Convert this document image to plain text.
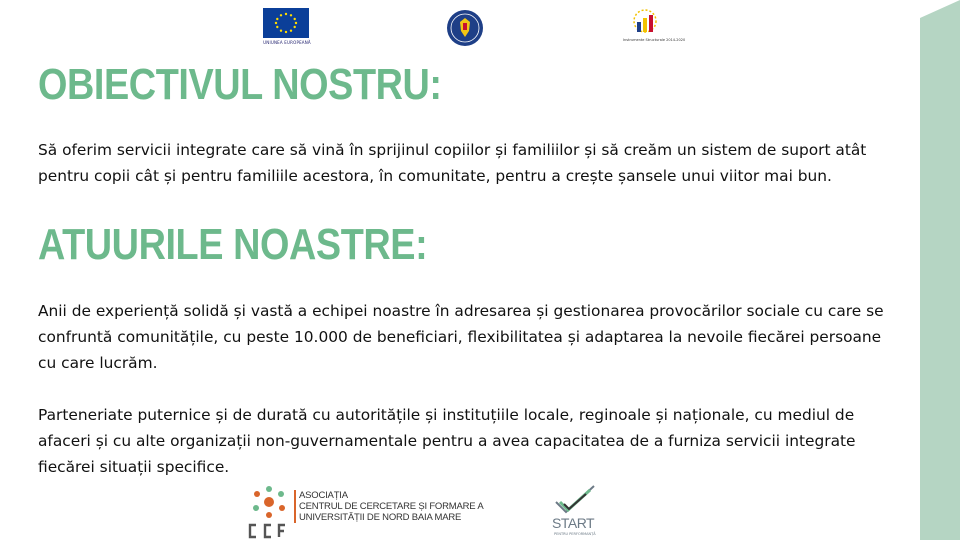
UNIUNEA EUROPEANĂ	Instrumente Structurale 2014-2020
OBIECTIVUL NOSTRU:

Să oferim servicii integrate care să vină în sprijinul copiilor și familiilor și să creăm un sistem de suport atât pentru copii cât și pentru familiile acestora, în comunitate, pentru a crește șansele unui viitor mai bun.

ATUURILE NOASTRE:

Anii de experiență solidă și vastă a echipei noastre în adresarea și gestionarea provocărilor sociale cu care se confruntă comunitățile, cu peste 10.000 de beneficiari, flexibilitatea și adaptarea la nevoile fiecărei persoane cu care lucrăm.

Parteneriate puternice și de durată cu autoritățile și instituțiile locale, reginoale și naționale, cu mediul de afaceri și cu alte organizații non-guvernamentale pentru a avea capacitatea de a furniza servicii integrate fiecărei situații specifice.

ASOCIAȚIA
CENTRUL DE CERCETARE ȘI FORMARE A
UNIVERSITĂȚII DE NORD BAIA MARE	START
PENTRU PERFORMANȚĂ
